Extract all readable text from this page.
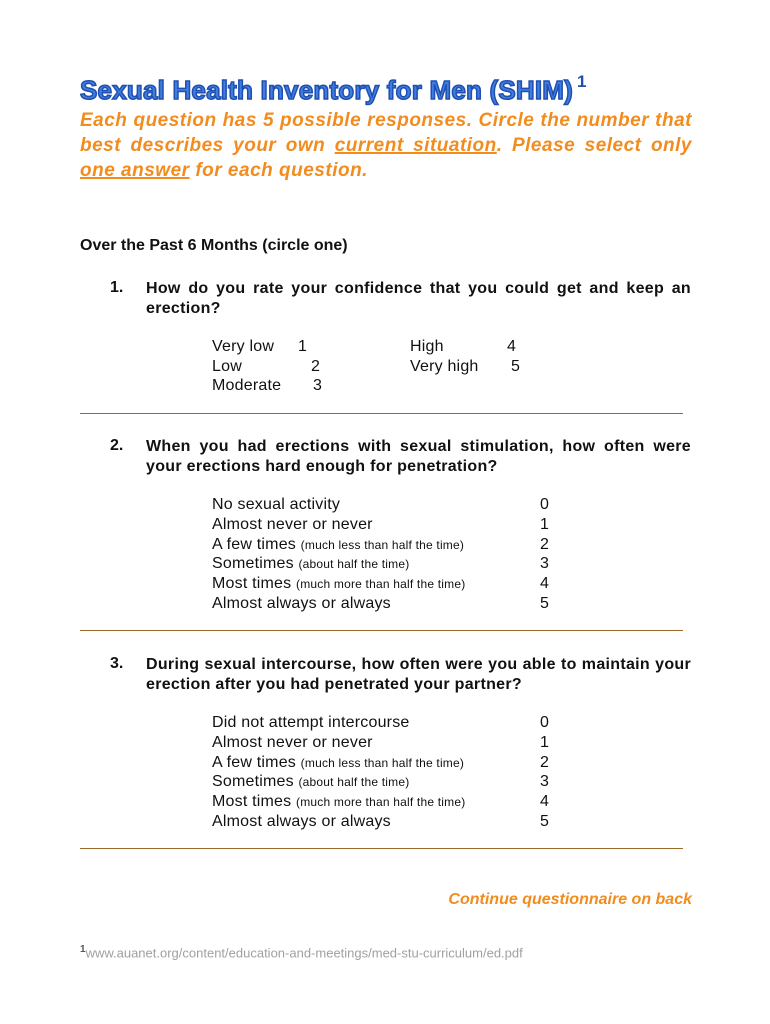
Sexual Health Inventory for Men (SHIM) $^1$

Each question has 5 possible responses. Circle the number that best describes your own current situation. Please select only one answer for each question.

Over the Past 6 Months (circle one)
1. How do you rate your confidence that you could get and keep an erection?

Very low 1
Low	2
Moderate 3
High	4
Very high 5
2. When you had erections with sexual stimulation, how often were your erections hard enough for penetration?

No sexual activity	0
Almost never or never	1
A few times (much less than half the time)	2
Sometimes (about half the time)	3
Most times (much more than half the time)	4
Almost always or always	5
3. During sexual intercourse, how often were you able to maintain your erection after you had penetrated your partner?

Did not attempt intercourse	0
Almost never or never	1
A few times (much less than half the time)	2
Sometimes (about half the time)	3
Most times (much more than half the time)	4
Almost always or always	5
Continue questionnaire on back
$^1$www.auanet.org/content/education-and-meetings/med-stu-curriculum/ed.pdf
